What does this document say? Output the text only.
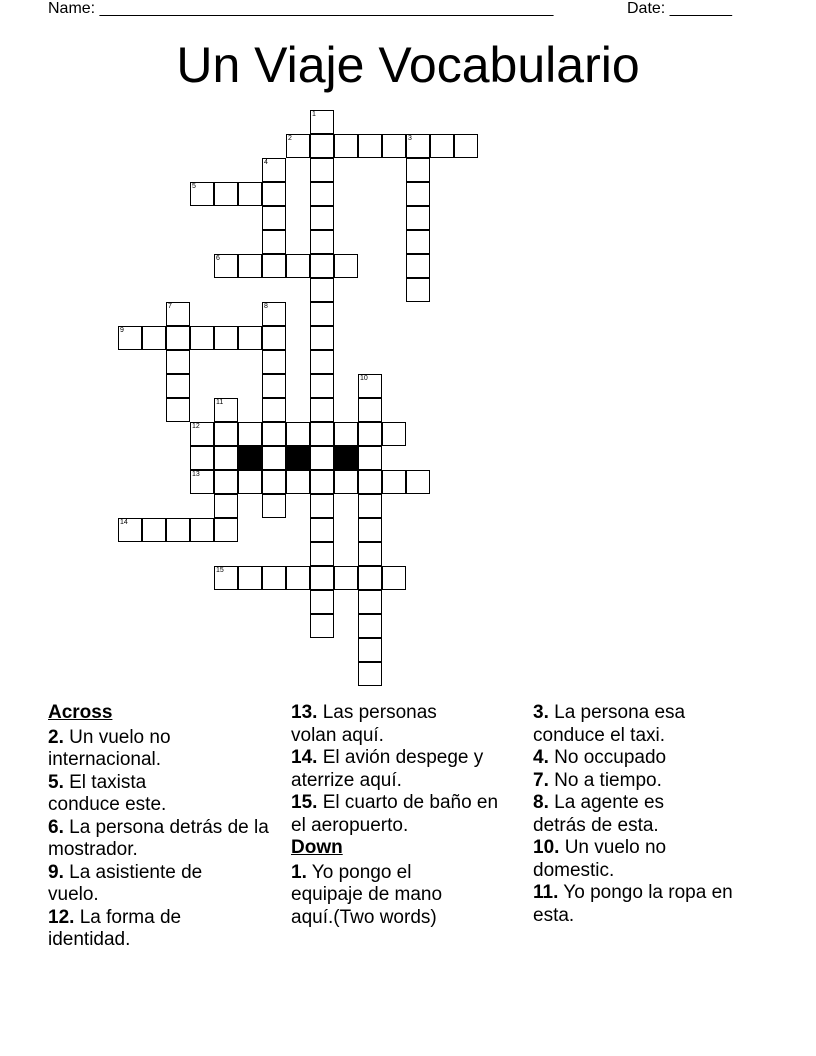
Name: ___________________________________________________	Date: _______
Un Viaje Vocabulario
1
2	3
4
5
6
7	8
9
10
11
12
13
14
15
Across
2. Un vuelo no internacional.
5. El taxista conduce este.
6. La persona detrás de la mostrador.
9. La asistiente de vuelo.
12. La forma de identidad.
13. Las personas volan aquí.
14. El avión despege y aterrize aquí.
15. El cuarto de baño en el aeropuerto.
Down
1. Yo pongo el equipaje de mano aquí.(Two words)
3. La persona esa conduce el taxi.
4. No occupado
7. No a tiempo.
8. La agente es detrás de esta.
10. Un vuelo no domestic.
11. Yo pongo la ropa en esta.
